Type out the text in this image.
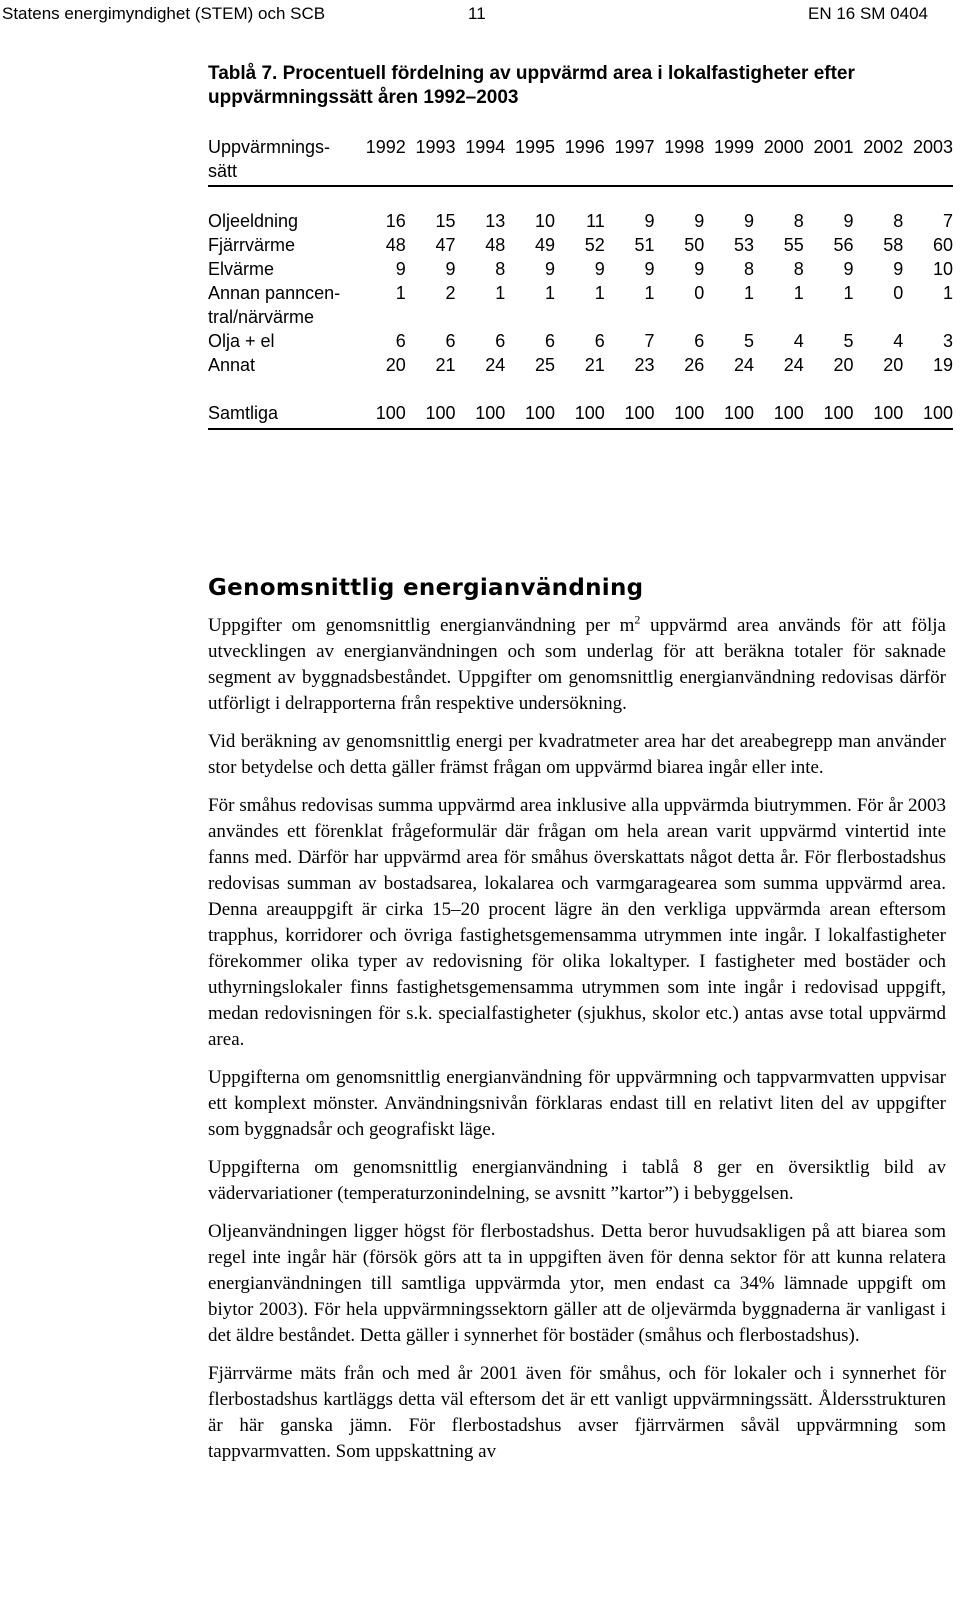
Statens energimyndighet (STEM) och SCB	11	EN 16 SM 0404
Tablå 7. Procentuell fördelning av uppvärmd area i lokalfastigheter efter uppvärmningssätt åren 1992–2003
Uppvärmnings-sätt	1992	1993	1994	1995	1996	1997	1998	1999	2000	2001	2002	2003
Oljeeldning	16	15	13	10	11	9	9	9	8	9	8	7
Fjärrvärme	48	47	48	49	52	51	50	53	55	56	58	60
Elvärme	9	9	8	9	9	9	9	8	8	9	9	10
Annan panncen-tral/närvärme	1	2	1	1	1	1	0	1	1	1	0	1
Olja + el	6	6	6	6	6	7	6	5	4	5	4	3
Annat	20	21	24	25	21	23	26	24	24	20	20	19
Samtliga	100	100	100	100	100	100	100	100	100	100	100	100
Genomsnittlig energianvändning

Uppgifter om genomsnittlig energianvändning per $m^2$ uppvärmd area används för att följa utvecklingen av energianvändningen och som underlag för att beräkna totaler för saknade segment av byggnadsbeståndet. Uppgifter om genomsnittlig energianvändning redovisas därför utförligt i delrapporterna från respektive undersökning.

Vid beräkning av genomsnittlig energi per kvadratmeter area har det areabegrepp man använder stor betydelse och detta gäller främst frågan om uppvärmd biarea ingår eller inte.

För småhus redovisas summa uppvärmd area inklusive alla uppvärmda biutrymmen. För år 2003 användes ett förenklat frågeformulär där frågan om hela arean varit uppvärmd vintertid inte fanns med. Därför har uppvärmd area för småhus överskattats något detta år. För flerbostadshus redovisas summan av bostadsarea, lokalarea och varmgaragearea som summa uppvärmd area. Denna areauppgift är cirka 15–20 procent lägre än den verkliga uppvärmda arean eftersom trapphus, korridorer och övriga fastighetsgemensamma utrymmen inte ingår. I lokalfastigheter förekommer olika typer av redovisning för olika lokaltyper. I fastigheter med bostäder och uthyrningslokaler finns fastighetsgemensamma utrymmen som inte ingår i redovisad uppgift, medan redovisningen för s.k. specialfastigheter (sjukhus, skolor etc.) antas avse total uppvärmd area.

Uppgifterna om genomsnittlig energianvändning för uppvärmning och tappvarmvatten uppvisar ett komplext mönster. Användningsnivån förklaras endast till en relativt liten del av uppgifter som byggnadsår och geografiskt läge.

Uppgifterna om genomsnittlig energianvändning i tablå 8 ger en översiktlig bild av vädervariationer (temperaturzonindelning, se avsnitt ”kartor”) i bebyggelsen.

Oljeanvändningen ligger högst för flerbostadshus. Detta beror huvudsakligen på att biarea som regel inte ingår här (försök görs att ta in uppgiften även för denna sektor för att kunna relatera energianvändningen till samtliga uppvärmda ytor, men endast ca 34% lämnade uppgift om biytor 2003). För hela uppvärmningssektorn gäller att de oljevärmda byggnaderna är vanligast i det äldre beståndet. Detta gäller i synnerhet för bostäder (småhus och flerbostadshus).

Fjärrvärme mäts från och med år 2001 även för småhus, och för lokaler och i synnerhet för flerbostadshus kartläggs detta väl eftersom det är ett vanligt uppvärmningssätt. Åldersstrukturen är här ganska jämn. För flerbostadshus avser fjärrvärmen såväl uppvärmning som tappvarmvatten. Som uppskattning av
